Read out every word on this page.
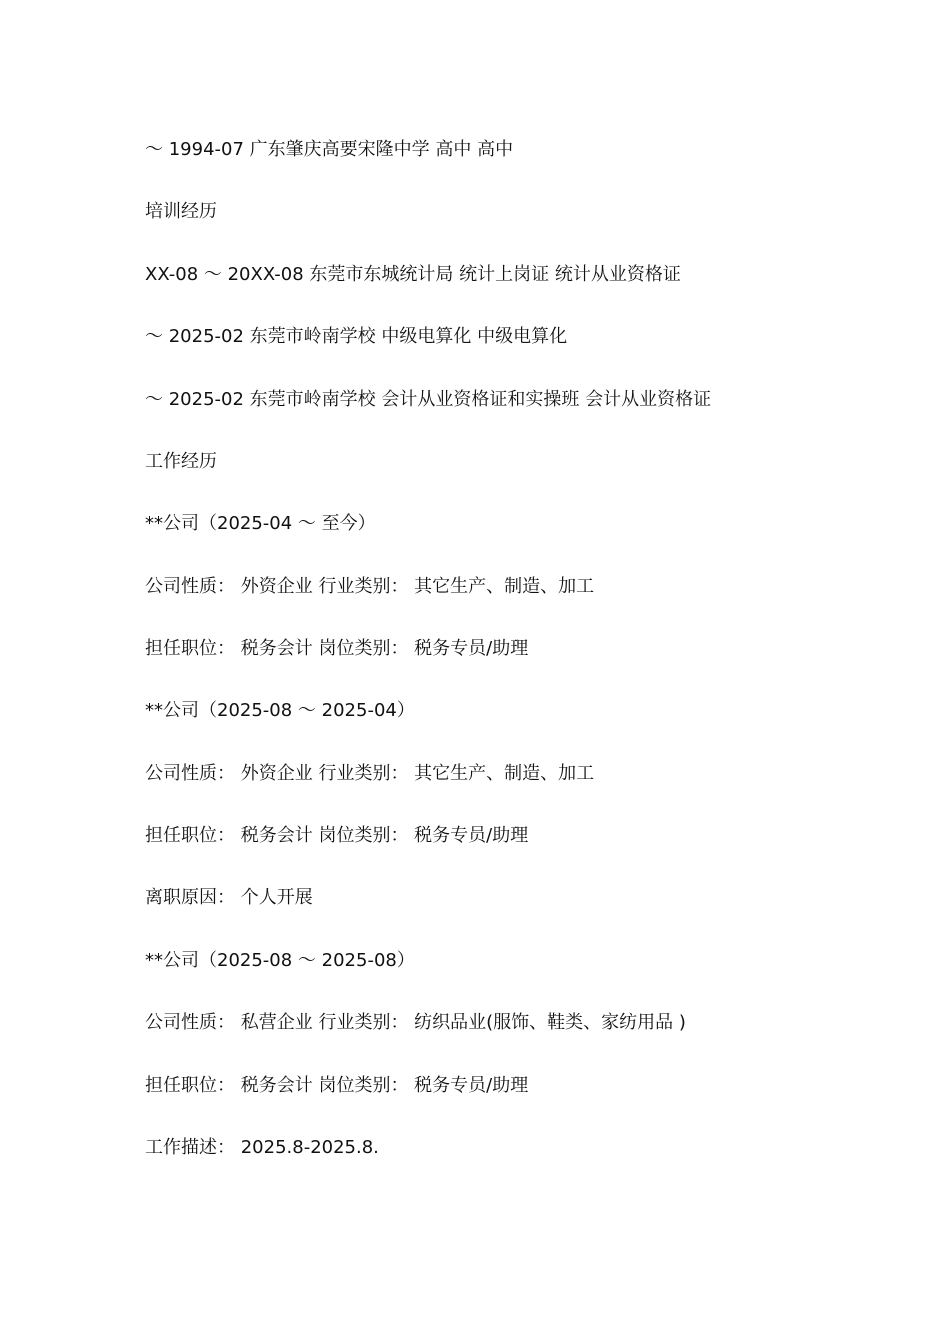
～ 1994-07 广东肇庆高要宋隆中学 高中 高中
培训经历
XX-08 ～ 20XX-08 东莞市东城统计局 统计上岗证 统计从业资格证
～ 2025-02 东莞市岭南学校 中级电算化 中级电算化
～ 2025-02 东莞市岭南学校 会计从业资格证和实操班 会计从业资格证
工作经历
**公司（2025-04 ～ 至今）
公司性质： 外资企业 行业类别： 其它生产、制造、加工
担任职位： 税务会计 岗位类别： 税务专员/助理
**公司（2025-08 ～ 2025-04）
公司性质： 外资企业 行业类别： 其它生产、制造、加工
担任职位： 税务会计 岗位类别： 税务专员/助理
离职原因： 个人开展
**公司（2025-08 ～ 2025-08）
公司性质： 私营企业 行业类别： 纺织品业(服饰、鞋类、家纺用品 )
担任职位： 税务会计 岗位类别： 税务专员/助理
工作描述： 2025.8-2025.8.
